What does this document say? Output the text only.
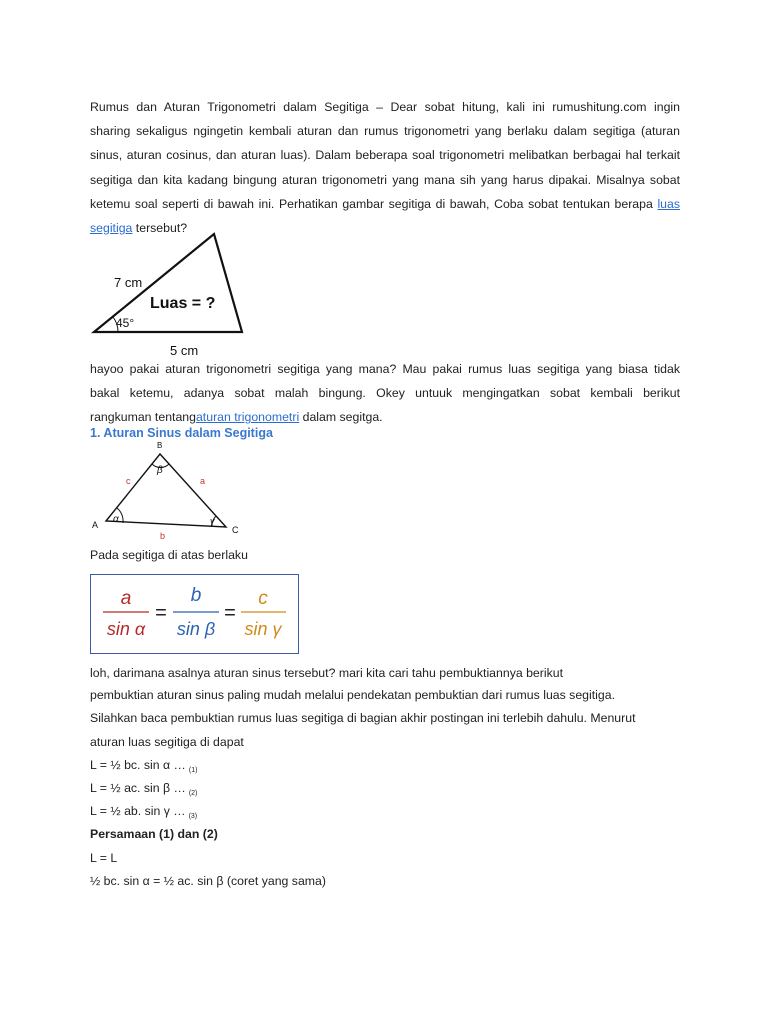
Rumus dan Aturan Trigonometri dalam Segitiga – Dear sobat hitung, kali ini rumushitung.com ingin
sharing sekaligus ngingetin kembali aturan dan rumus trigonometri yang berlaku dalam segitiga (aturan
sinus, aturan cosinus, dan aturan luas). Dalam beberapa soal trigonometri melibatkan berbagai hal terkait
segitiga dan kita kadang bingung aturan trigonometri yang mana sih yang harus dipakai. Misalnya sobat
ketemu soal seperti di bawah ini. Perhatikan gambar segitiga di bawah, Coba sobat tentukan berapa luas
segitiga tersebut?
7 cm
Luas = ?
45°
5 cm
hayoo pakai aturan trigonometri segitiga yang mana? Mau pakai rumus luas segitiga yang biasa tidak
bakal ketemu, adanya sobat malah bingung. Okey untuuk mengingatkan sobat kembali berikut
rangkuman tentangaturan trigonometri dalam segitga.
1. Aturan Sinus dalam Segitiga
B
A	C
c	a
b
α
β
γ
Pada segitiga di atas berlaku
a
sin α
b
sin β
c
sin γ
=	=
loh, darimana asalnya aturan sinus tersebut? mari kita cari tahu pembuktiannya berikut
pembuktian aturan sinus paling mudah melalui pendekatan pembuktian dari rumus luas segitiga.
Silahkan baca pembuktian rumus luas segitiga di bagian akhir postingan ini terlebih dahulu. Menurut
aturan luas segitiga di dapat
L = ½ bc. sin α … $_{(1)}$
L = ½ ac. sin β … $_{(2)}$
L = ½ ab. sin γ … $_{(3)}$
Persamaan (1) dan (2)
L = L
½ bc. sin α = ½ ac. sin β (coret yang sama)
